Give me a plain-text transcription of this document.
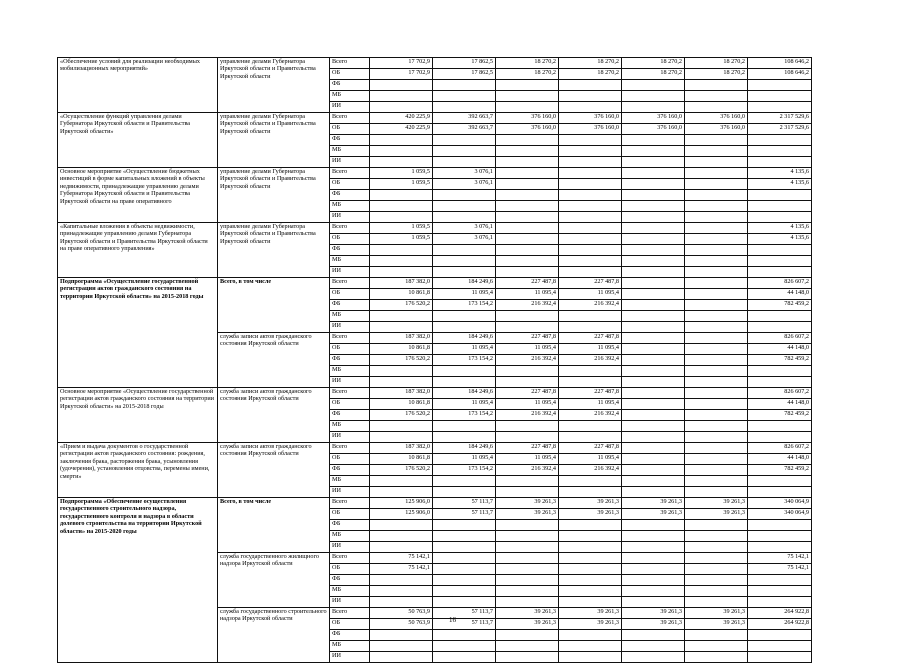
«Обеспечение условий для реализации необходимых мобилизационных мероприятий»	управление делами Губернатора Иркутской области и Правительства Иркутской области	Всего	17 702,9	17 862,5	18 270,2	18 270,2	18 270,2	18 270,2	108 646,2
		ОБ	17 702,9	17 862,5	18 270,2	18 270,2	18 270,2	18 270,2	108 646,2
		ФБ							
		МБ							
		ИИ							
«Осуществление функций управления делами Губернатора Иркутской области и Правительства Иркутской области»	управление делами Губернатора Иркутской области и Правительства Иркутской области	Всего	420 225,9	392 663,7	376 160,0	376 160,0	376 160,0	376 160,0	2 317 529,6
		ОБ	420 225,9	392 663,7	376 160,0	376 160,0	376 160,0	376 160,0	2 317 529,6
		ФБ							
		МБ							
		ИИ							
Основное мероприятие «Осуществление бюджетных инвестиций в форме капитальных вложений в объекты недвижимости, принадлежащие управлению делами Губернатора Иркутской области и Правительства Иркутской области на праве оперативного	управление делами Губернатора Иркутской области и Правительства Иркутской области	Всего	1 059,5	3 076,1					4 135,6
		ОБ	1 059,5	3 076,1					4 135,6
		ФБ							
		МБ							
		ИИ							
«Капитальные вложения в объекты недвижимости, принадлежащие управлению делами Губернатора Иркутской области и Правительства Иркутской области на праве оперативного управления»	управление делами Губернатора Иркутской области и Правительства Иркутской области	Всего	1 059,5	3 076,1					4 135,6
		ОБ	1 059,5	3 076,1					4 135,6
		ФБ							
		МБ							
		ИИ							
Подпрограмма «Осуществление государственной регистрации актов гражданского состояния на территории Иркутской области» на 2015-2018 годы	Всего, в том числе	Всего	187 382,0	184 249,6	227 487,8	227 487,8			826 607,2
		ОБ	10 861,8	11 095,4	11 095,4	11 095,4			44 148,0
		ФБ	176 520,2	173 154,2	216 392,4	216 392,4			782 459,2
		МБ							
		ИИ							
	служба записи актов гражданского состояния Иркутской области	Всего	187 382,0	184 249,6	227 487,8	227 487,8			826 607,2
		ОБ	10 861,8	11 095,4	11 095,4	11 095,4			44 148,0
		ФБ	176 520,2	173 154,2	216 392,4	216 392,4			782 459,2
		МБ							
		ИИ							
Основное мероприятие «Осуществление государственной регистрации актов гражданского состояния на территории Иркутской области» на 2015-2018 годы	служба записи актов гражданского состояния Иркутской области	Всего	187 382,0	184 249,6	227 487,8	227 487,8			826 607,2
		ОБ	10 861,8	11 095,4	11 095,4	11 095,4			44 148,0
		ФБ	176 520,2	173 154,2	216 392,4	216 392,4			782 459,2
		МБ							
		ИИ							
«Прием и выдача документов о государственной регистрации актов гражданского состояния: рождения, заключения брака, расторжения брака, усыновления (удочерения), установления отцовства, перемены имени, смерти»	служба записи актов гражданского состояния Иркутской области	Всего	187 382,0	184 249,6	227 487,8	227 487,8			826 607,2
		ОБ	10 861,8	11 095,4	11 095,4	11 095,4			44 148,0
		ФБ	176 520,2	173 154,2	216 392,4	216 392,4			782 459,2
		МБ							
		ИИ							
Подпрограмма «Обеспечение осуществления государственного строительного надзора, государственного контроля и надзора в области долевого строительства на территории Иркутской области» на 2015-2020 годы	Всего, в том числе	Всего	125 906,0	57 113,7	39 261,3	39 261,3	39 261,3	39 261,3	340 064,9
		ОБ	125 906,0	57 113,7	39 261,3	39 261,3	39 261,3	39 261,3	340 064,9
		ФБ							
		МБ							
		ИИ							
	служба государственного жилищного надзора Иркутской области	Всего	75 142,1						75 142,1
		ОБ	75 142,1						75 142,1
		ФБ							
		МБ							
		ИИ							
	служба государственного строительного надзора Иркутской области	Всего	50 763,9	57 113,7	39 261,3	39 261,3	39 261,3	39 261,3	264 922,8
		ОБ	50 763,9	57 113,7	39 261,3	39 261,3	39 261,3	39 261,3	264 922,8
		ФБ							
		МБ							
		ИИ							
16
